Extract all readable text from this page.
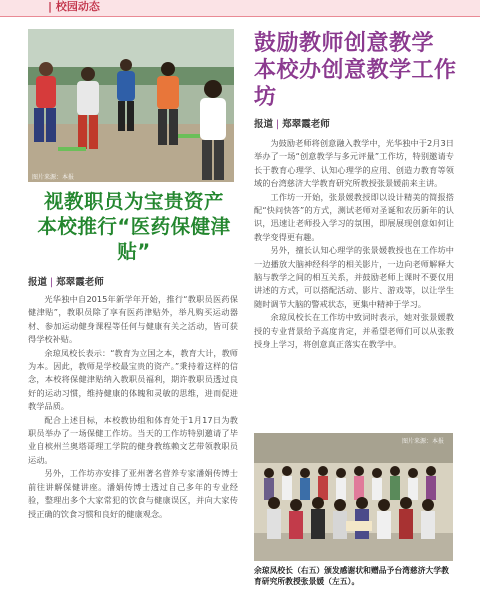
| 校园动态
图片来源：本报
视教职员为宝贵资产　本校推行“医药保健津贴”
报道 | 郑翠霞老师

光华独中自2015年新学年开始，推行“教职员医药保健津贴”，教职员除了享有医药津贴外，举凡购买运动器材、参加运动健身课程等任何与健康有关之活动，皆可获得学校补贴。

余琼凤校长表示：“教育为立国之本，教育大计，教师为本。因此，教师是学校最宝贵的资产。”秉持着这样的信念，本校将保健津贴纳入教职员福利，期许教职员透过良好的运动习惯，维持健康的体魄和灵敏的思维，进而促进教学品质。

配合上述目标，本校教协组和体育处于1月17日为教职员举办了一场保健工作坊。当天的工作坊特别邀请了毕业自槟州兰奥塔哥理工学院的健身教练赖文艺带领教职员运动。

另外，工作坊亦安排了亚州著名营养专家潘娟传博士前往讲解保健讲座。潘娟传博士透过自己多年的专业经验，整理出多个大家常犯的饮食与健康误区，并向大家传授正确的饮食习惯和良好的健康观念。

鼓励教师创意教学　本校办创意教学工作坊
报道 | 郑翠霞老师

为鼓励老师将创意融入教学中，光华独中于2月3日举办了一场“创意教学与多元评量”工作坊，特别邀请专长于教育心理学、认知心理学的应用、创造力教育等领域的台湾慈济大学教育研究所教授张景媛前来主讲。

工作坊一开始，张景媛教授即以设计精美的简报搭配“快问快答”的方式，测试老师对圣诞和农历新年的认识，迅速让老师投入学习的氛围，即展展现创意如何让教学变得更有趣。

另外，擅长认知心理学的张景媛教授也在工作坊中一边播放大脑神经科学的相关影片，一边向老师解释大脑与教学之间的相互关系，并鼓励老师上课时不要仅用讲述的方式，可以搭配活动、影片、游戏等，以让学生随时调节大脑的警戒状态，更集中精神于学习。

余琼凤校长在工作坊中致词时表示，她对张景媛教授的专业背景给予高度肯定，并希望老师们可以从张教授身上学习，将创意真正落实在教学中。

图片来源：本报
余琼凤校长（右五）颁发感谢状和赠品予台湾慈济大学教育研究所教授张景媛（左五）。
